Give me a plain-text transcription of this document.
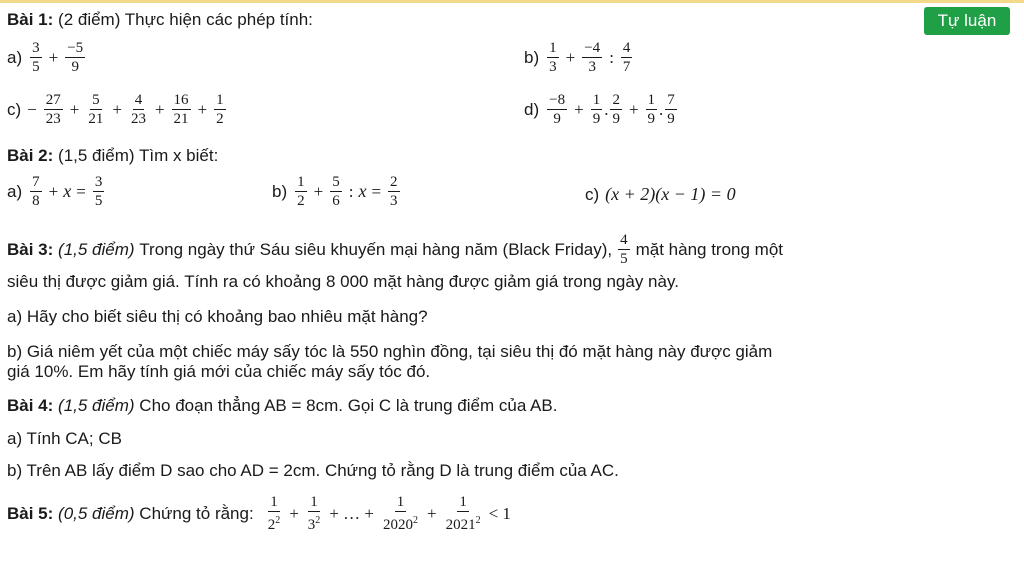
Tự luận
Bài 1:
(2 điểm) Thực hiện các phép tính:
$a) \frac{3}{5} + \frac{-5}{9}$	$b) \frac{1}{3} + \frac{-4}{3}$ : $\frac{4}{7}$
$c) - \frac{27}{23} + \frac{5}{21} + \frac{4}{23} + \frac{16}{21} + \frac{1}{2}$	$d) \frac{-8}{9} + \frac{1}{9}$ . $\frac{2}{9} + \frac{1}{9}$ . $\frac{7}{9}$
Bài 2:
(1,5 điểm) Tìm x biết:
$a) \frac{7}{8} + x = \frac{3}{5}$	$b) \frac{1}{2} + \frac{5}{6}$ : $x = \frac{2}{3}$	c) (x + 2)(x − 1) = 0
Bài 3:
(1,5 điểm)
Trong ngày thứ Sáu siêu khuyến mại hàng năm (Black Friday), $\frac{4}{5}$ mặt hàng trong một
siêu thị được giảm giá. Tính ra có khoảng 8 000 mặt hàng được giảm giá trong ngày này.
a) Hãy cho biết siêu thị có khoảng bao nhiêu mặt hàng?
b) Giá niêm yết của một chiếc máy sấy tóc là 550 nghìn đồng, tại siêu thị đó mặt hàng này được giảm
giá 10%. Em hãy tính giá mới của chiếc máy sấy tóc đó.
Bài 4:
(1,5 điểm)
Cho đoạn thẳng AB = 8cm. Gọi C là trung điểm của AB.
a) Tính CA; CB
b) Trên AB lấy điểm D sao cho AD = 2cm. Chứng tỏ rằng D là trung điểm của AC.
Bài 5:
(0,5 điểm)
Chứng tỏ rằng: $\frac{1}{2^2} + \frac{1}{3^2}$ + … + $\frac{1}{2020^2} + \frac{1}{2021^2} < 1$
